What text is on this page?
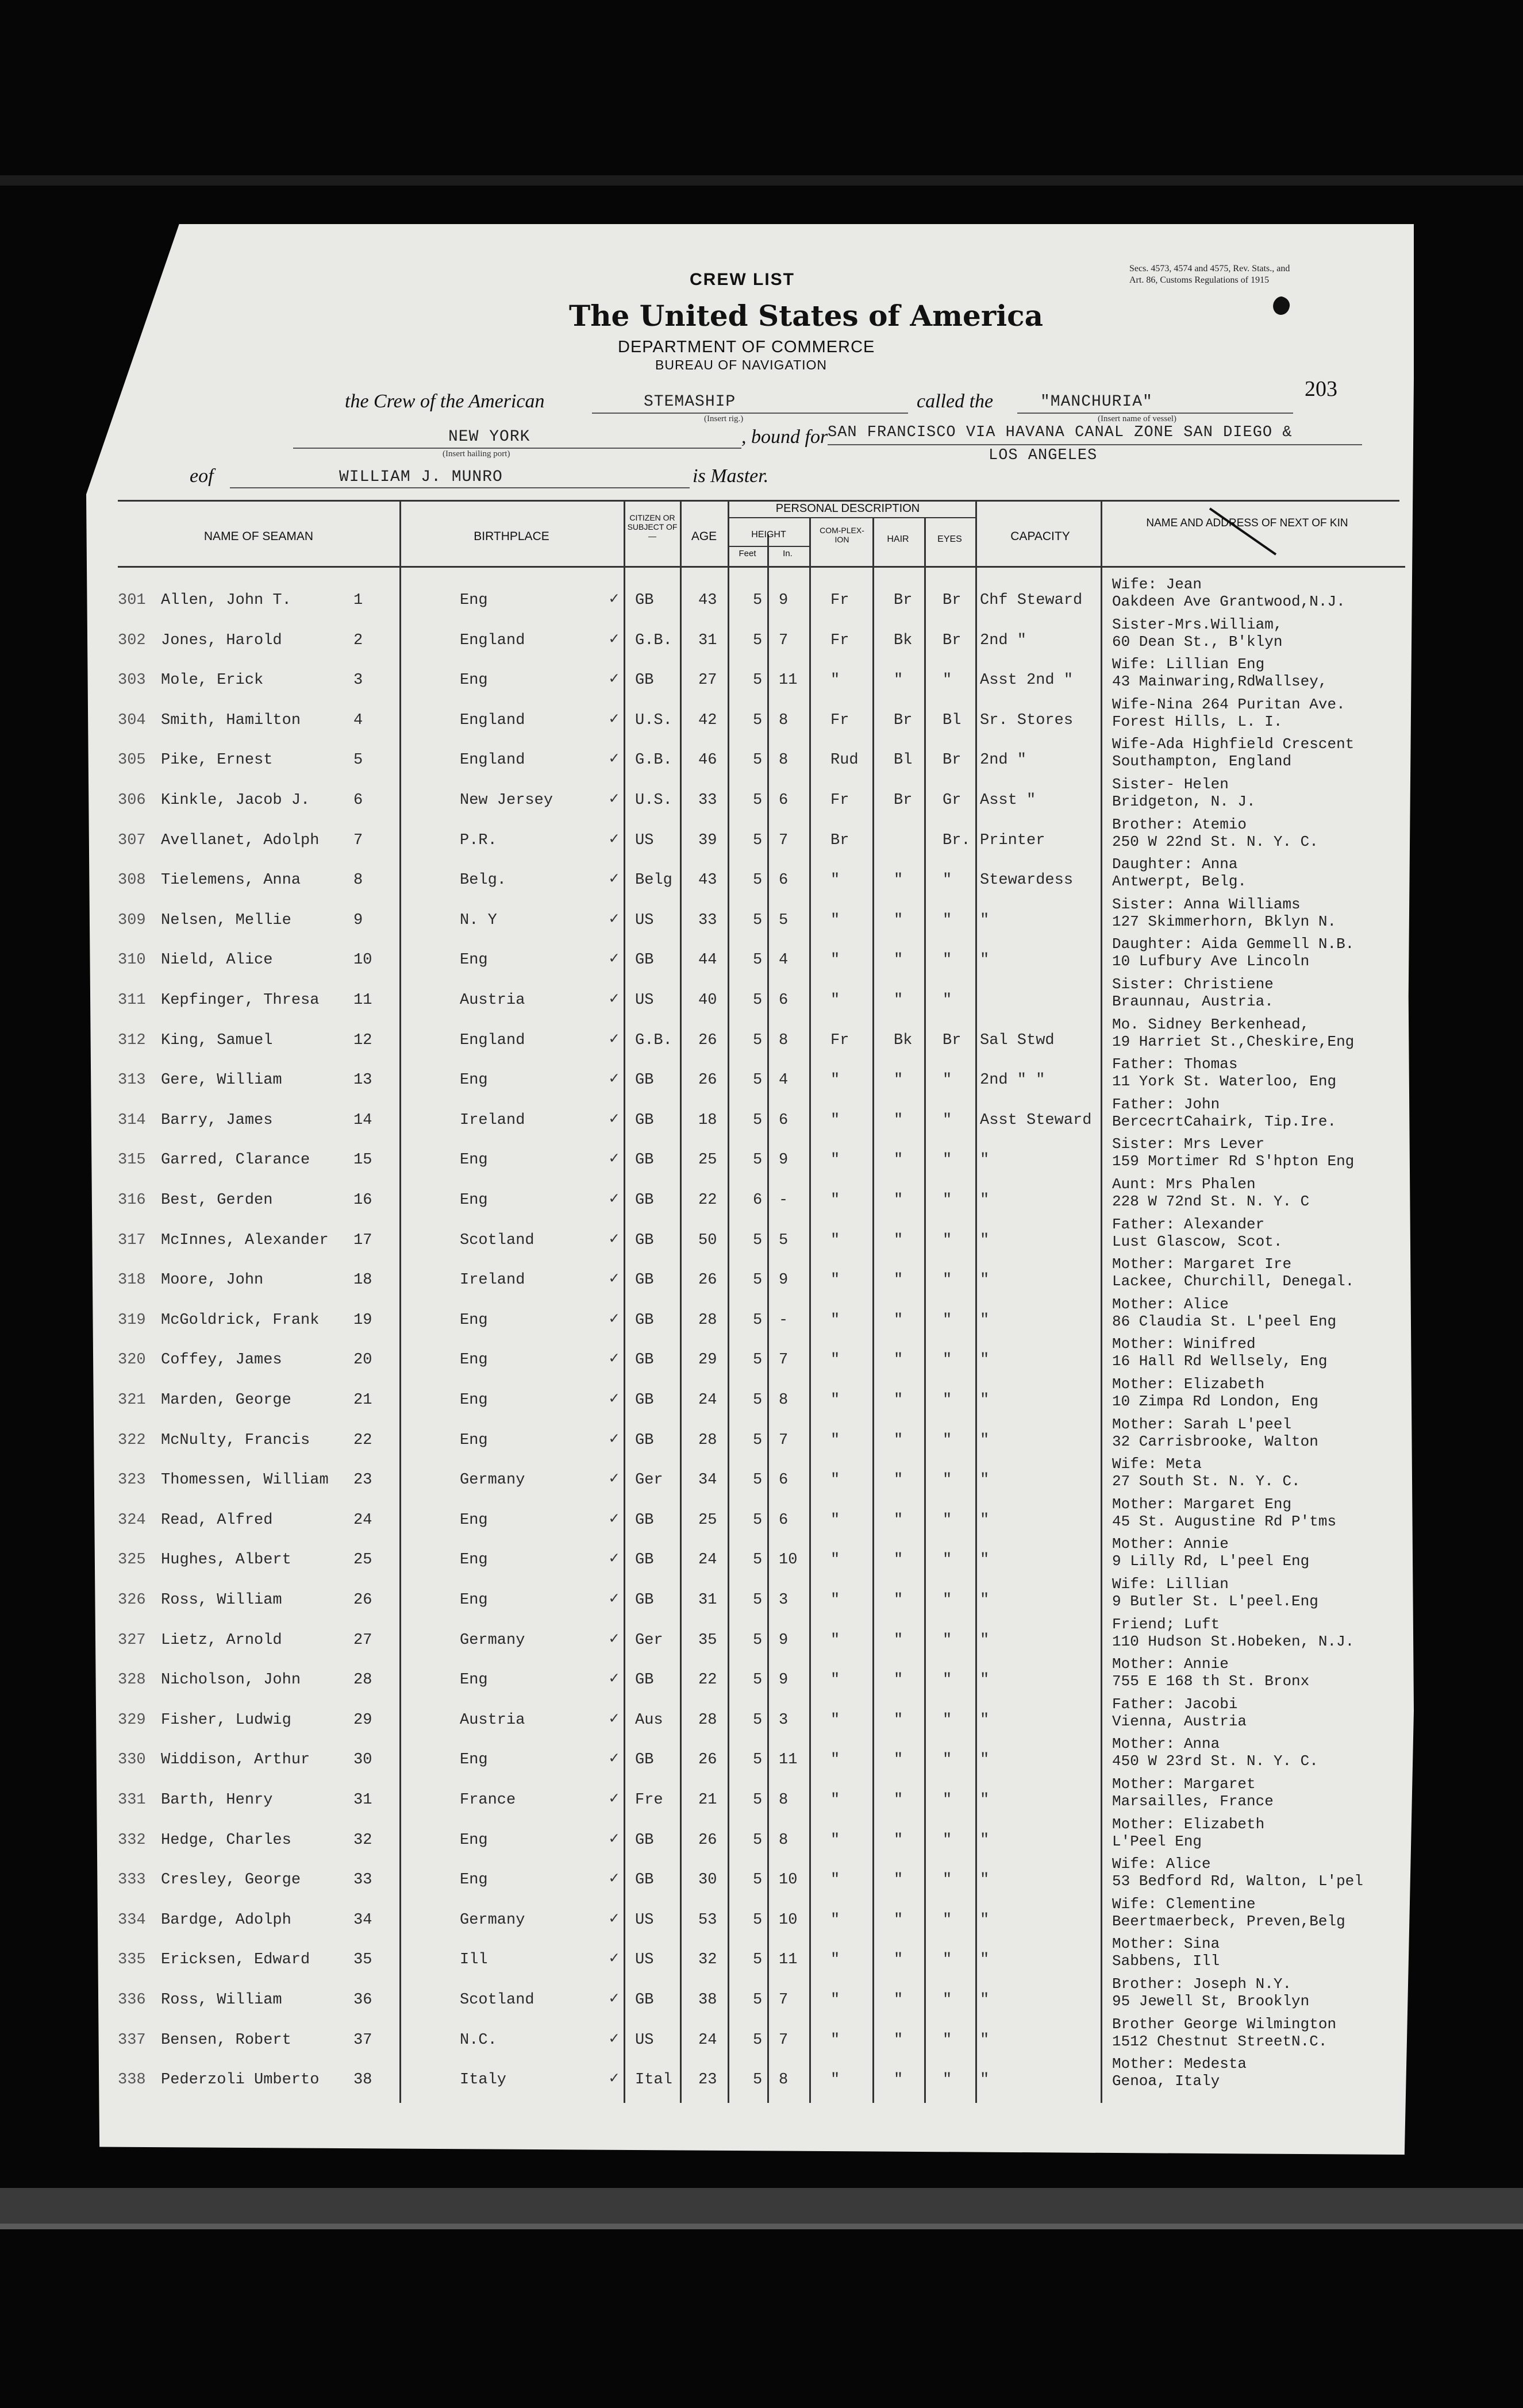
CREW LIST
The United States of America
DEPARTMENT OF COMMERCE
BUREAU OF NAVIGATION
Secs. 4573, 4574 and 4575, Rev. Stats., and
Art. 86, Customs Regulations of 1915
203
the Crew of the American	STEMASHIP
(Insert rig.)
called the	"MANCHURIA"
(Insert name of vessel)
NEW YORK
(Insert hailing port)
, bound for SAN FRANCISCO VIA HAVANA CANAL ZONE SAN DIEGO &
LOS ANGELES
eof	WILLIAM J. MUNRO	is Master.
NAME OF SEAMAN	BIRTHPLACE
CITIZEN OR SUBJECT OF—	AGE
PERSONAL DESCRIPTION
HEIGHT
Feet	In.
COM-PLEX-ION	HAIR	EYES	CAPACITY
NAME AND ADDRESS OF NEXT OF KIN
301 Allen, John T.	1	Eng	GB	43 5 9	Fr	Br Br Chf Steward
✓
Wife: Jean
Oakdeen Ave Grantwood,N.J.
302 Jones, Harold	2	England	G.B. 31 5 7	Fr	Bk Br 2nd "
✓
Sister-Mrs.William,
60 Dean St., B'klyn
303 Mole, Erick	3	Eng	GB	27 5 11 "	"	" Asst 2nd "
✓
Wife: Lillian Eng
43 Mainwaring,RdWallsey,
304 Smith, Hamilton	4	England	U.S. 42 5 8	Fr	Br Bl Sr. Stores
✓
Wife-Nina 264 Puritan Ave.
Forest Hills, L. I.
305 Pike, Ernest	5	England	G.B. 46 5 8	Rud Bl Br 2nd "
✓
Wife-Ada Highfield Crescent
Southampton, England
306 Kinkle, Jacob J.	6	New Jersey	U.S. 33 5 6	Fr	Br Gr Asst "
✓
Sister- Helen
Bridgeton, N. J.
307 Avellanet, Adolph 7	P.R.	US	39 5 7	Br	Br. Printer
✓
Brother: Atemio
250 W 22nd St. N. Y. C.
308 Tielemens, Anna	8	Belg.	Belg 43 5 6	"	"	" Stewardess
✓
Daughter: Anna
Antwerpt, Belg.
309 Nelsen, Mellie	9	N. Y	US	33 5 5	"	"	" "
✓
Sister: Anna Williams
127 Skimmerhorn, Bklyn N.
310 Nield, Alice	10	Eng	GB	44 5 4	"	"	" "
✓
Daughter: Aida Gemmell N.B.
10 Lufbury Ave Lincoln
311 Kepfinger, Thresa 11	Austria	US	40 5 6	"	"	"
✓
Sister: Christiene
Braunnau, Austria.
312 King, Samuel	12	England	G.B. 26 5 8	Fr	Bk Br Sal Stwd
✓
Mo. Sidney Berkenhead,
19 Harriet St.,Cheskire,Eng
313 Gere, William	13	Eng	GB	26 5 4	"	"	" 2nd " "
✓
Father: Thomas
11 York St. Waterloo, Eng
314 Barry, James	14	Ireland	GB	18 5 6	"	"	" Asst Steward
✓
Father: John
BercecrtCahairk, Tip.Ire.
315 Garred, Clarance	15	Eng	GB	25 5 9	"	"	" "
✓
Sister: Mrs Lever
159 Mortimer Rd S'hpton Eng
316 Best, Gerden	16	Eng	GB	22 6 -	"	"	" "
✓
Aunt: Mrs Phalen
228 W 72nd St. N. Y. C
317 McInnes, Alexander 17	Scotland	GB	50 5 5	"	"	" "
✓
Father: Alexander
Lust Glascow, Scot.
318 Moore, John	18	Ireland	GB	26 5 9	"	"	" "
✓
Mother: Margaret Ire
Lackee, Churchill, Denegal.
319 McGoldrick, Frank 19	Eng	GB	28 5 -	"	"	" "
✓
Mother: Alice
86 Claudia St. L'peel Eng
320 Coffey, James	20	Eng	GB	29 5 7	"	"	" "
✓
Mother: Winifred
16 Hall Rd Wellsely, Eng
321 Marden, George	21	Eng	GB	24 5 8	"	"	" "
✓
Mother: Elizabeth
10 Zimpa Rd London, Eng
322 McNulty, Francis	22	Eng	GB	28 5 7	"	"	" "
✓
Mother: Sarah L'peel
32 Carrisbrooke, Walton
323 Thomessen, William 23	Germany	Ger 34 5 6	"	"	" "
✓
Wife: Meta
27 South St. N. Y. C.
324 Read, Alfred	24	Eng	GB	25 5 6	"	"	" "
✓
Mother: Margaret Eng
45 St. Augustine Rd P'tms
325 Hughes, Albert	25	Eng	GB	24 5 10 "	"	" "
✓
Mother: Annie
9 Lilly Rd, L'peel Eng
326 Ross, William	26	Eng	GB	31 5 3	"	"	" "
✓
Wife: Lillian
9 Butler St. L'peel.Eng
327 Lietz, Arnold	27	Germany	Ger 35 5 9	"	"	" "
✓
Friend; Luft
110 Hudson St.Hobeken, N.J.
328 Nicholson, John	28	Eng	GB	22 5 9	"	"	" "
✓
Mother: Annie
755 E 168 th St. Bronx
329 Fisher, Ludwig	29	Austria	Aus 28 5 3	"	"	" "
✓
Father: Jacobi
Vienna, Austria
330 Widdison, Arthur	30	Eng	GB	26 5 11 "	"	" "
✓
Mother: Anna
450 W 23rd St. N. Y. C.
331 Barth, Henry	31	France	Fre 21 5 8	"	"	" "
✓
Mother: Margaret
Marsailles, France
332 Hedge, Charles	32	Eng	GB	26 5 8	"	"	" "
✓
Mother: Elizabeth
L'Peel Eng
333 Cresley, George	33	Eng	GB	30 5 10 "	"	" "
✓
Wife: Alice
53 Bedford Rd, Walton, L'pel
334 Bardge, Adolph	34	Germany	US	53 5 10 "	"	" "
✓
Wife: Clementine
Beertmaerbeck, Preven,Belg
335 Ericksen, Edward	35	Ill	US	32 5 11 "	"	" "
✓
Mother: Sina
Sabbens, Ill
336 Ross, William	36	Scotland	GB	38 5 7	"	"	" "
✓
Brother: Joseph N.Y.
95 Jewell St, Brooklyn
337 Bensen, Robert	37	N.C.	US	24 5 7	"	"	" "
✓
Brother George Wilmington
1512 Chestnut StreetN.C.
338 Pederzoli Umberto 38	Italy	Ital 23 5 8	"	"	" "
✓
Mother: Medesta
Genoa, Italy
